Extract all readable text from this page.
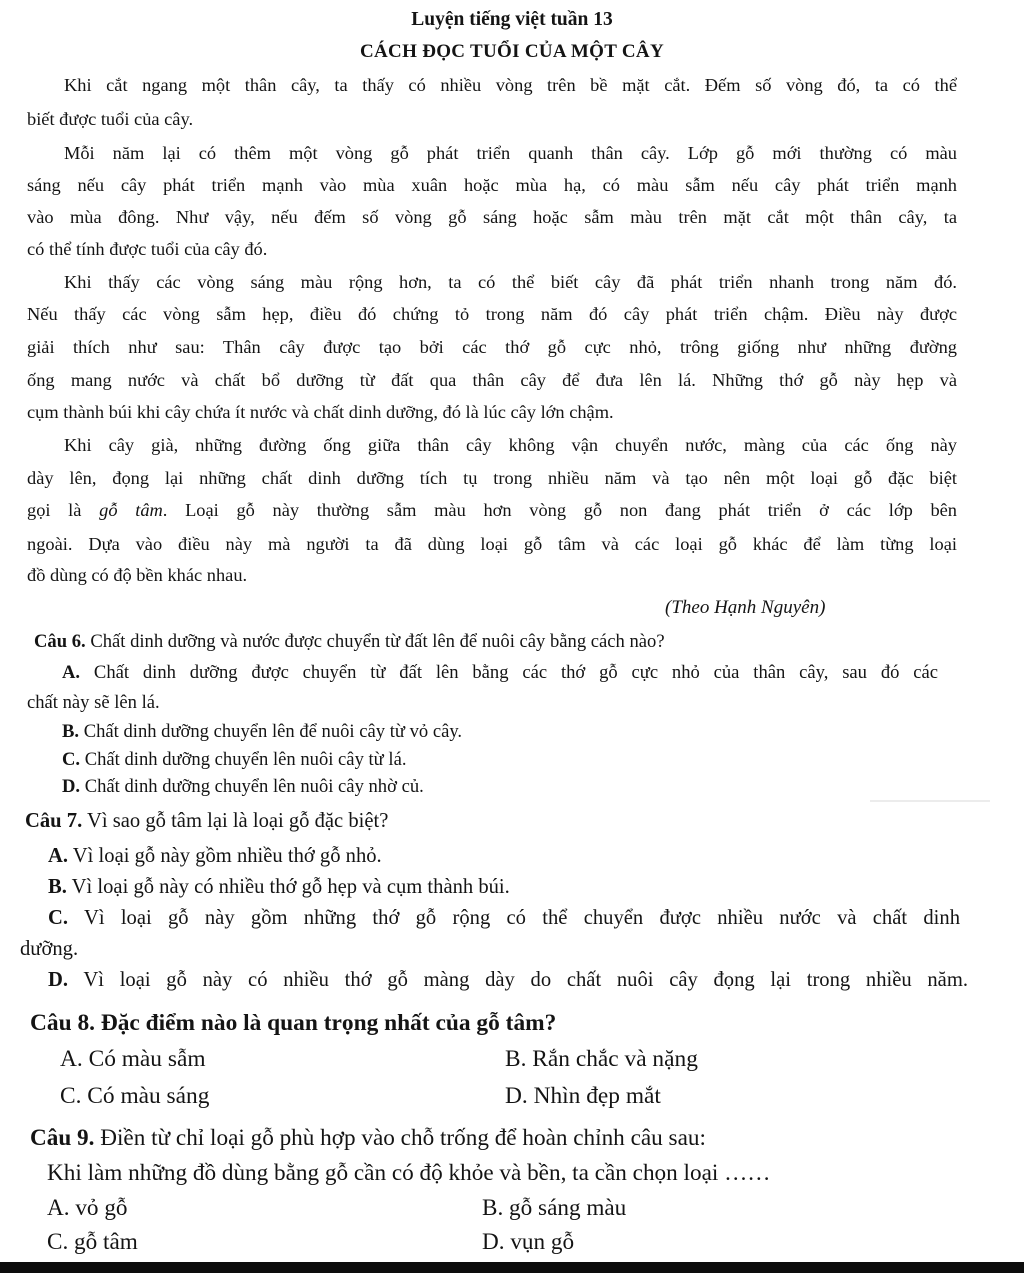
Luyện tiếng việt tuần 13
CÁCH ĐỌC TUỔI CỦA MỘT CÂY
Khi cắt ngang một thân cây, ta thấy có nhiều vòng trên bề mặt cắt. Đếm số vòng đó, ta có thể
biết được tuổi của cây.
Mỗi năm lại có thêm một vòng gỗ phát triển quanh thân cây. Lớp gỗ mới thường có màu
sáng nếu cây phát triển mạnh vào mùa xuân hoặc mùa hạ, có màu sẫm nếu cây phát triển mạnh
vào mùa đông. Như vậy, nếu đếm số vòng gỗ sáng hoặc sẫm màu trên mặt cắt một thân cây, ta
có thể tính được tuổi của cây đó.
Khi thấy các vòng sáng màu rộng hơn, ta có thể biết cây đã phát triển nhanh trong năm đó.
Nếu thấy các vòng sẫm hẹp, điều đó chứng tỏ trong năm đó cây phát triển chậm. Điều này được
giải thích như sau: Thân cây được tạo bởi các thớ gỗ cực nhỏ, trông giống như những đường
ống mang nước và chất bổ dưỡng từ đất qua thân cây để đưa lên lá. Những thớ gỗ này hẹp và
cụm thành búi khi cây chứa ít nước và chất dinh dưỡng, đó là lúc cây lớn chậm.
Khi cây già, những đường ống giữa thân cây không vận chuyển nước, màng của các ống này
dày lên, đọng lại những chất dinh dưỡng tích tụ trong nhiều năm và tạo nên một loại gỗ đặc biệt
gọi là gỗ tâm. Loại gỗ này thường sẫm màu hơn vòng gỗ non đang phát triển ở các lớp bên
ngoài. Dựa vào điều này mà người ta đã dùng loại gỗ tâm và các loại gỗ khác để làm từng loại
đồ dùng có độ bền khác nhau.
(Theo Hạnh Nguyên)
Câu 6. Chất dinh dưỡng và nước được chuyển từ đất lên để nuôi cây bằng cách nào?
A. Chất dinh dưỡng được chuyển từ đất lên bằng các thớ gỗ cực nhỏ của thân cây, sau đó các
chất này sẽ lên lá.
B. Chất dinh dưỡng chuyển lên để nuôi cây từ vỏ cây.
C. Chất dinh dưỡng chuyển lên nuôi cây từ lá.
D. Chất dinh dưỡng chuyển lên nuôi cây nhờ củ.
Câu 7. Vì sao gỗ tâm lại là loại gỗ đặc biệt?
A. Vì loại gỗ này gồm nhiều thớ gỗ nhỏ.
B. Vì loại gỗ này có nhiều thớ gỗ hẹp và cụm thành búi.
C. Vì loại gỗ này gồm những thớ gỗ rộng có thể chuyển được nhiều nước và chất dinh
dưỡng.
D. Vì loại gỗ này có nhiều thớ gỗ màng dày do chất nuôi cây đọng lại trong nhiều năm.
Câu 8. Đặc điểm nào là quan trọng nhất của gỗ tâm?
A. Có màu sẫm	B. Rắn chắc và nặng
C. Có màu sáng	D. Nhìn đẹp mắt
Câu 9. Điền từ chỉ loại gỗ phù hợp vào chỗ trống để hoàn chỉnh câu sau:
Khi làm những đồ dùng bằng gỗ cần có độ khỏe và bền, ta cần chọn loại ……
A. vỏ gỗ	B. gỗ sáng màu
C. gỗ tâm	D. vụn gỗ
